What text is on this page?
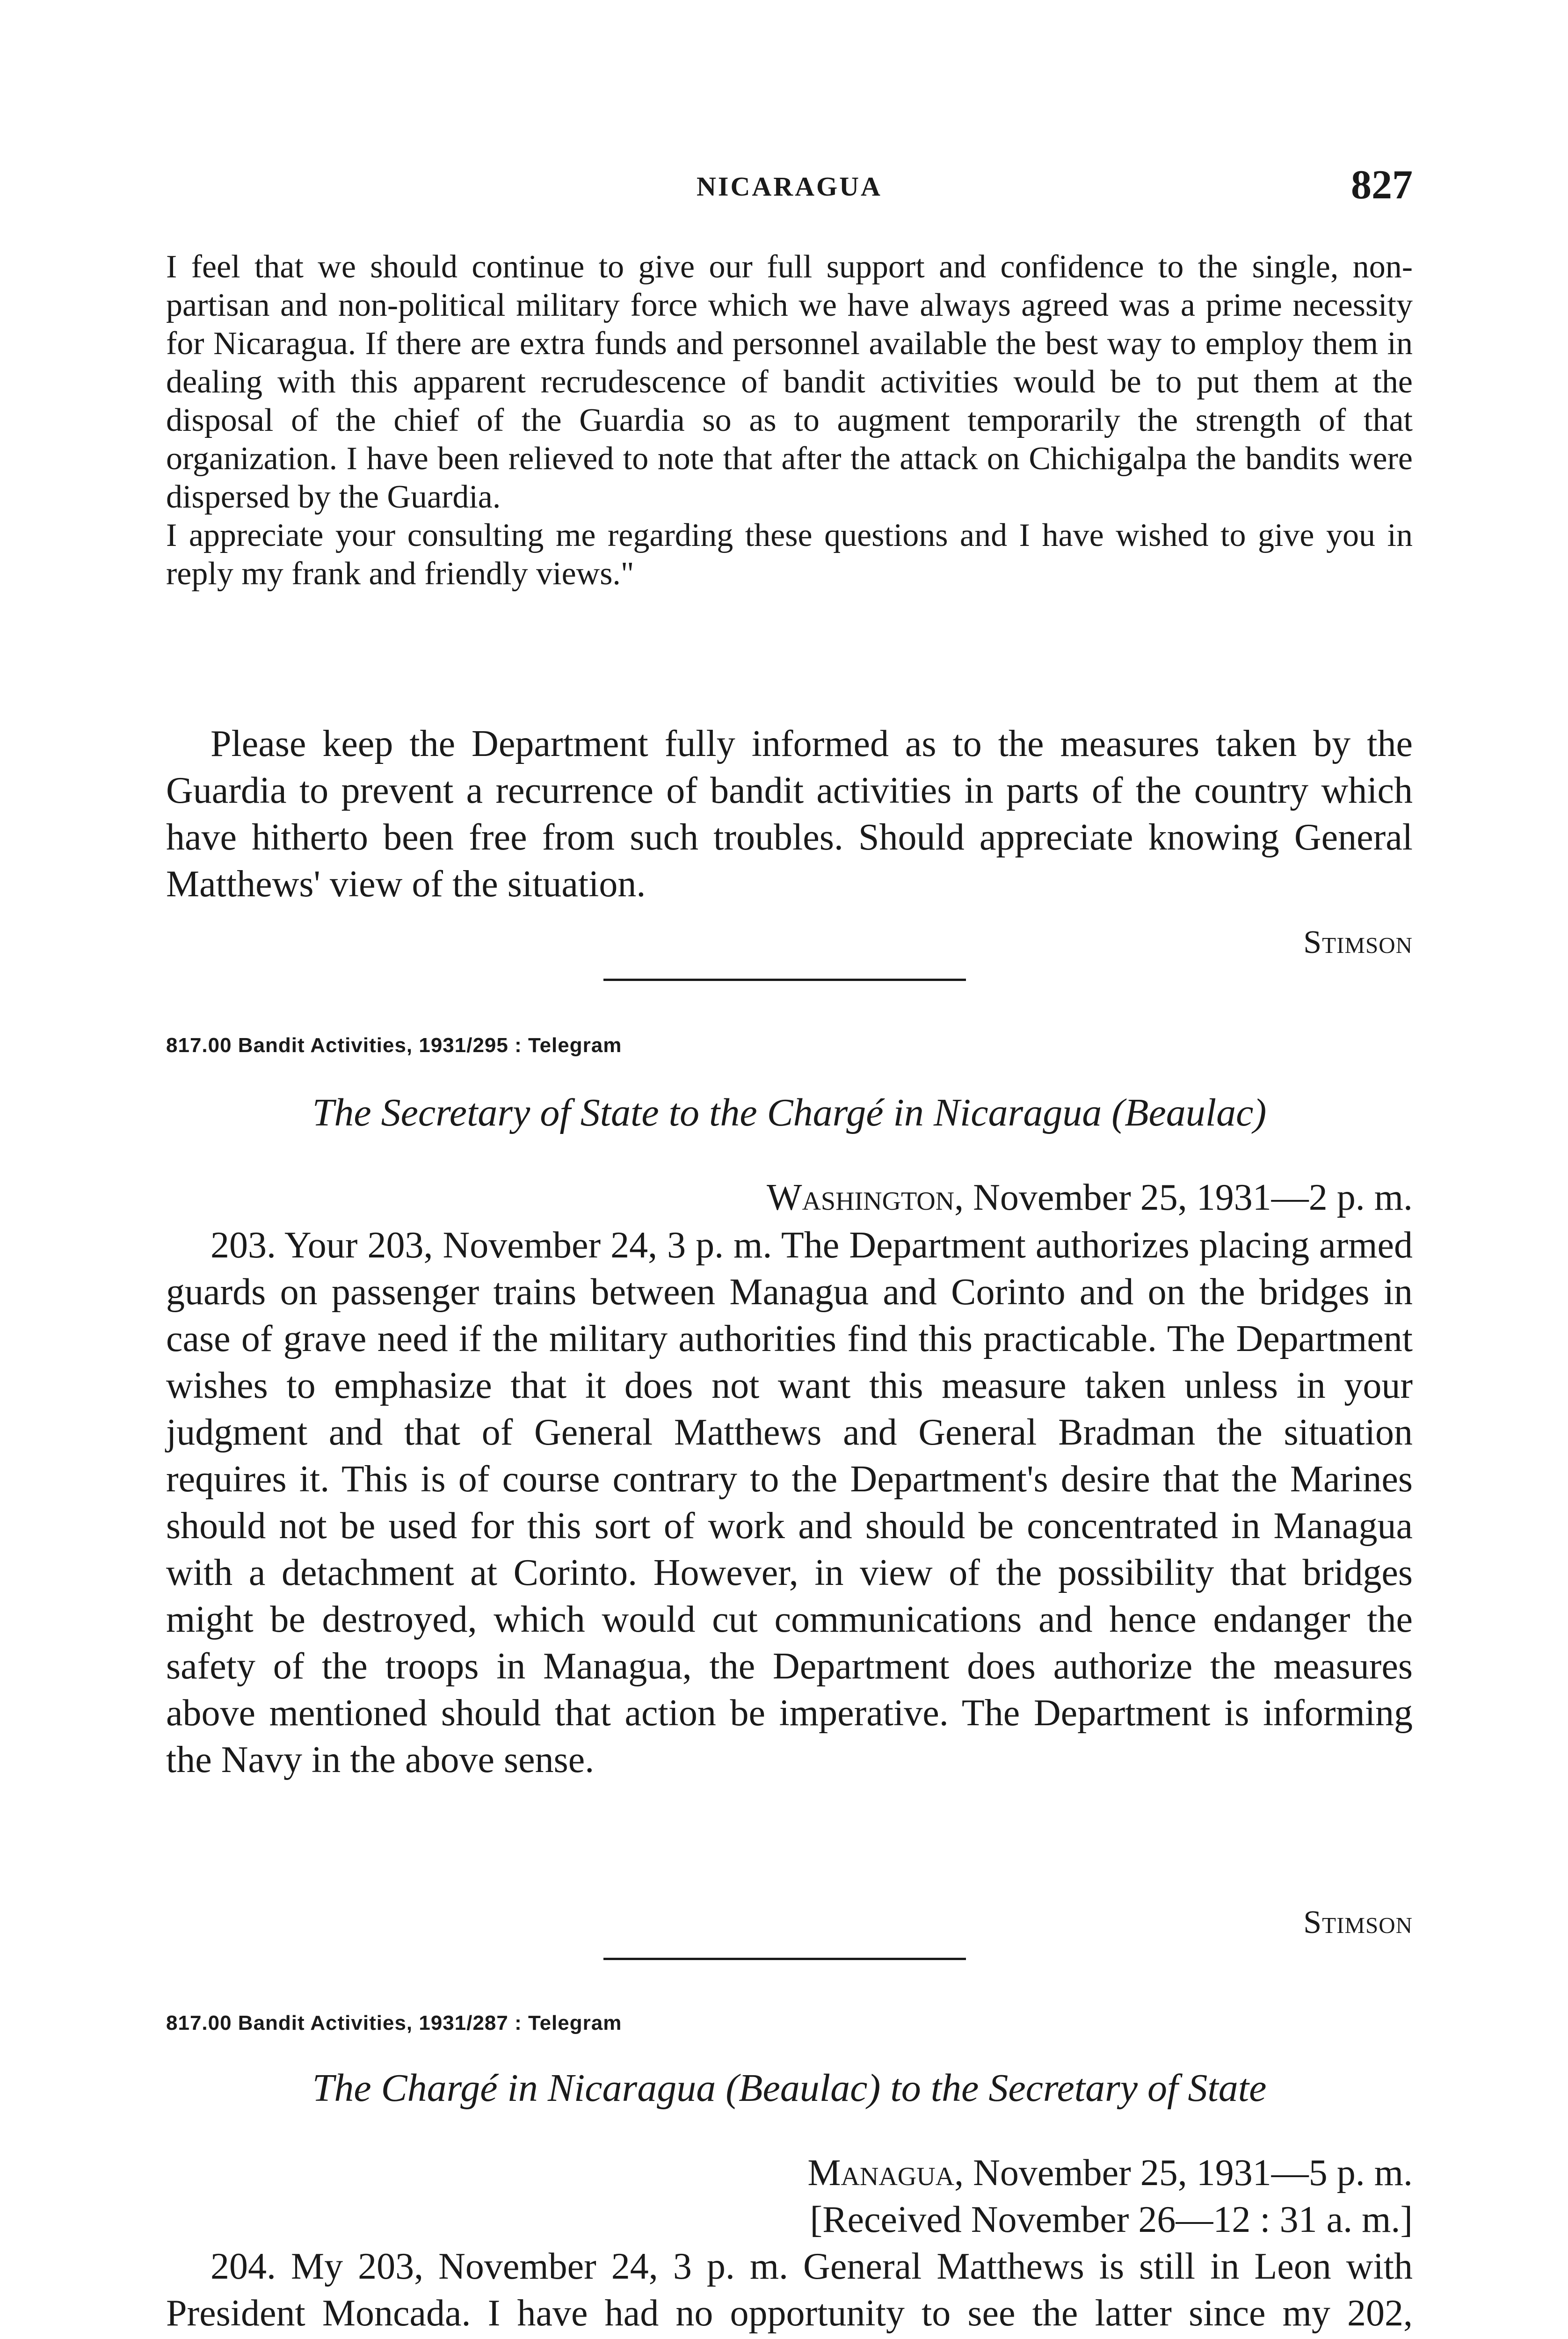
NICARAGUA	827

I feel that we should continue to give our full support and confidence to the single, non-partisan and non-political military force which we have always agreed was a prime necessity for Nicaragua. If there are extra funds and personnel available the best way to employ them in dealing with this apparent recrudescence of bandit activities would be to put them at the disposal of the chief of the Guardia so as to augment temporarily the strength of that organization. I have been relieved to note that after the attack on Chichigalpa the bandits were dispersed by the Guardia.

I appreciate your consulting me regarding these questions and I have wished to give you in reply my frank and friendly views."

Please keep the Department fully informed as to the measures taken by the Guardia to prevent a recurrence of bandit activities in parts of the country which have hitherto been free from such troubles. Should appreciate knowing General Matthews' view of the situation.

Stimson
817.00 Bandit Activities, 1931/295 : Telegram
The Secretary of State to the Chargé in Nicaragua (Beaulac)
Washington, November 25, 1931—2 p. m.

203. Your 203, November 24, 3 p. m. The Department authorizes placing armed guards on passenger trains between Managua and Corinto and on the bridges in case of grave need if the military authorities find this practicable. The Department wishes to emphasize that it does not want this measure taken unless in your judgment and that of General Matthews and General Bradman the situation requires it. This is of course contrary to the Department's desire that the Marines should not be used for this sort of work and should be concentrated in Managua with a detachment at Corinto. However, in view of the possibility that bridges might be destroyed, which would cut communications and hence endanger the safety of the troops in Managua, the Department does authorize the measures above mentioned should that action be imperative. The Department is informing the Navy in the above sense.

Stimson
817.00 Bandit Activities, 1931/287 : Telegram
The Chargé in Nicaragua (Beaulac) to the Secretary of State
Managua, November 25, 1931—5 p. m.
[Received November 26—12 : 31 a. m.]

204. My 203, November 24, 3 p. m. General Matthews is still in Leon with President Moncada. I have had no opportunity to see the latter since my 202,
